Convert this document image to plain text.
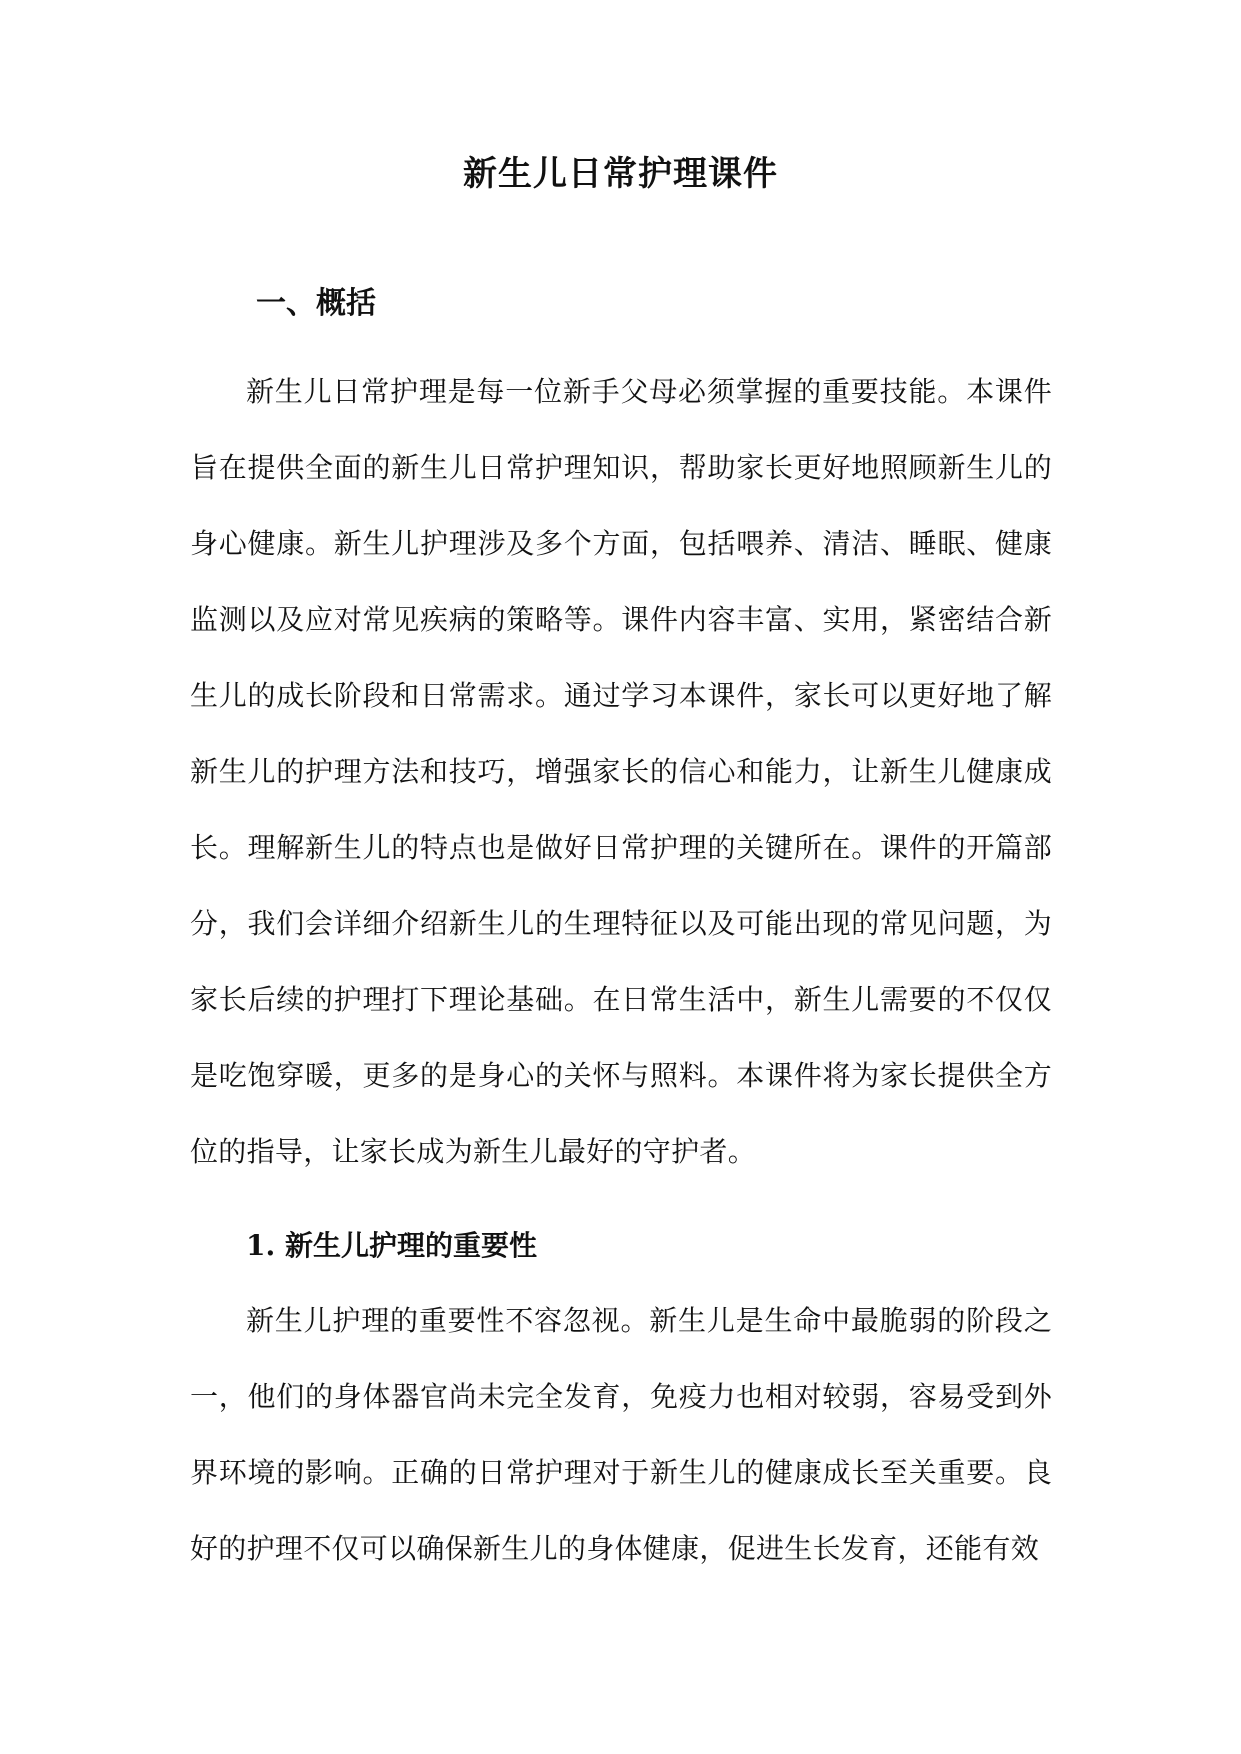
新生儿日常护理课件
一、概括
新生儿日常护理是每一位新手父母必须掌握的重要技能。本课件旨在提供全面的新生儿日常护理知识，帮助家长更好地照顾新生儿的身心健康。新生儿护理涉及多个方面，包括喂养、清洁、睡眠、健康监测以及应对常见疾病的策略等。课件内容丰富、实用，紧密结合新生儿的成长阶段和日常需求。通过学习本课件，家长可以更好地了解新生儿的护理方法和技巧，增强家长的信心和能力，让新生儿健康成长。理解新生儿的特点也是做好日常护理的关键所在。课件的开篇部分，我们会详细介绍新生儿的生理特征以及可能出现的常见问题，为家长后续的护理打下理论基础。在日常生活中，新生儿需要的不仅仅是吃饱穿暖，更多的是身心的关怀与照料。本课件将为家长提供全方位的指导，让家长成为新生儿最好的守护者。
1. 新生儿护理的重要性
新生儿护理的重要性不容忽视。新生儿是生命中最脆弱的阶段之一，他们的身体器官尚未完全发育，免疫力也相对较弱，容易受到外界环境的影响。正确的日常护理对于新生儿的健康成长至关重要。良好的护理不仅可以确保新生儿的身体健康，促进生长发育，还能有效
